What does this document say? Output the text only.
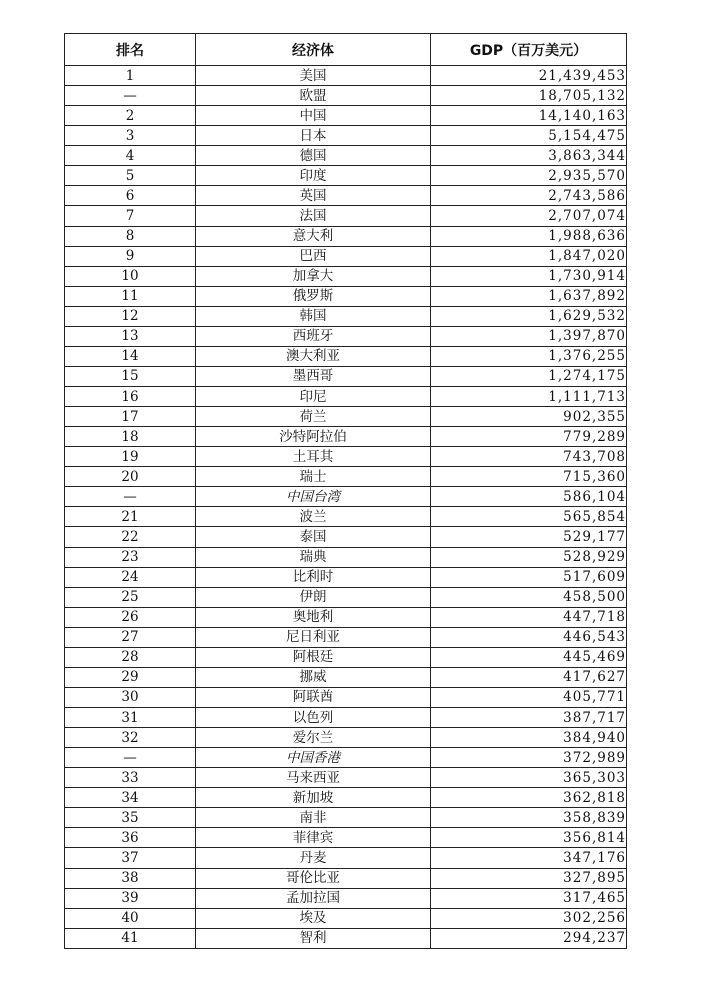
排名	经济体	GDP（百万美元）
1	美国	21,439,453
—	欧盟	18,705,132
2	中国	14,140,163
3	日本	5,154,475
4	德国	3,863,344
5	印度	2,935,570
6	英国	2,743,586
7	法国	2,707,074
8	意大利	1,988,636
9	巴西	1,847,020
10	加拿大	1,730,914
11	俄罗斯	1,637,892
12	韩国	1,629,532
13	西班牙	1,397,870
14	澳大利亚	1,376,255
15	墨西哥	1,274,175
16	印尼	1,111,713
17	荷兰	902,355
18	沙特阿拉伯	779,289
19	土耳其	743,708
20	瑞士	715,360
—	中国台湾	586,104
21	波兰	565,854
22	泰国	529,177
23	瑞典	528,929
24	比利时	517,609
25	伊朗	458,500
26	奥地利	447,718
27	尼日利亚	446,543
28	阿根廷	445,469
29	挪威	417,627
30	阿联酋	405,771
31	以色列	387,717
32	爱尔兰	384,940
—	中国香港	372,989
33	马来西亚	365,303
34	新加坡	362,818
35	南非	358,839
36	菲律宾	356,814
37	丹麦	347,176
38	哥伦比亚	327,895
39	孟加拉国	317,465
40	埃及	302,256
41	智利	294,237
